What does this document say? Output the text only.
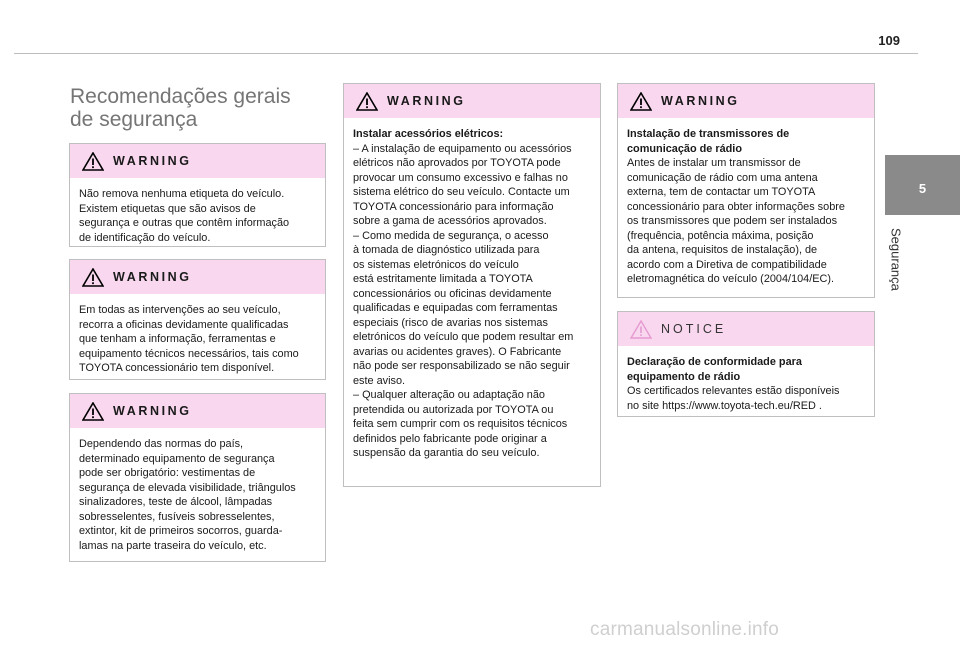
109
5
Segurança
Recomendações gerais
de segurança
WARNING
Não remova nenhuma etiqueta do veículo.
Existem etiquetas que são avisos de
segurança e outras que contêm informação
de identificação do veículo.
WARNING
Em todas as intervenções ao seu veículo,
recorra a oficinas devidamente qualificadas
que tenham a informação, ferramentas e
equipamento técnicos necessários, tais como
TOYOTA concessionário tem disponível.
WARNING
Dependendo das normas do país,
determinado equipamento de segurança
pode ser obrigatório: vestimentas de
segurança de elevada visibilidade, triângulos
sinalizadores, teste de álcool, lâmpadas
sobresselentes, fusíveis sobresselentes,
extintor, kit de primeiros socorros, guarda-
lamas na parte traseira do veículo, etc.
WARNING
Instalar acessórios elétricos:
– A instalação de equipamento ou acessórios
elétricos não aprovados por TOYOTA pode
provocar um consumo excessivo e falhas no
sistema elétrico do seu veículo. Contacte um
TOYOTA concessionário para informação
sobre a gama de acessórios aprovados.
– Como medida de segurança, o acesso
à tomada de diagnóstico utilizada para
os sistemas eletrónicos do veículo
está estritamente limitada a TOYOTA
concessionários ou oficinas devidamente
qualificadas e equipadas com ferramentas
especiais (risco de avarias nos sistemas
eletrónicos do veículo que podem resultar em
avarias ou acidentes graves). O Fabricante
não pode ser responsabilizado se não seguir
este aviso.
– Qualquer alteração ou adaptação não
pretendida ou autorizada por TOYOTA ou
feita sem cumprir com os requisitos técnicos
definidos pelo fabricante pode originar a
suspensão da garantia do seu veículo.
WARNING
Instalação de transmissores de
comunicação de rádio
Antes de instalar um transmissor de
comunicação de rádio com uma antena
externa, tem de contactar um TOYOTA
concessionário para obter informações sobre
os transmissores que podem ser instalados
(frequência, potência máxima, posição
da antena, requisitos de instalação), de
acordo com a Diretiva de compatibilidade
eletromagnética do veículo (2004/104/EC).
NOTICE
Declaração de conformidade para
equipamento de rádio
Os certificados relevantes estão disponíveis
no site https://www.toyota-tech.eu/RED .
carmanualsonline.info
